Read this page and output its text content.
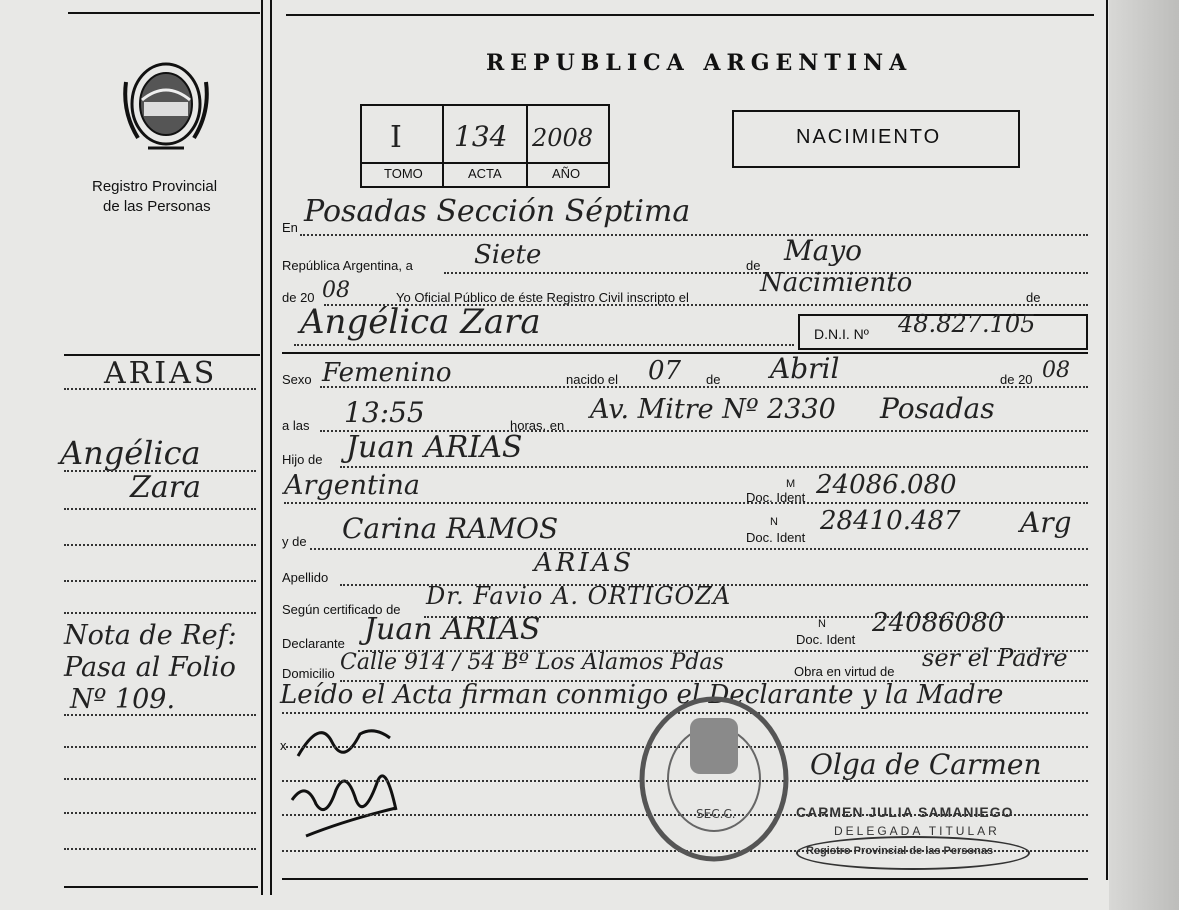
Registro Provincial
de las Personas
ARIAS
Angélica
Zara
Nota de Ref:
Pasa al Folio
Nº 109.
REPUBLICA ARGENTINA
I 134 2008
TOMO	ACTA	AÑO
NACIMIENTO
En Posadas Sección Séptima
República Argentina, a Siete	de Mayo
de 20 08	Yo Oficial Público de éste Registro Civil inscripto el	Nacimiento	de
Angélica Zara	D.N.I. Nº 48.827.105
Sexo Femenino	nacido el 07 de Abril	de 20 08
a las 13:55	horas, en
Av. Mitre Nº 2330 Posadas
Hijo de Juan ARIAS
Argentina	Doc. Ident
M 24086.080
y de Carina RAMOS	Doc. Ident
N 28410.487 Arg
Apellido	ARIAS
Según certificado de Dr. Favio A. ORTIGOZA
Declarante Juan ARIAS	Doc. Ident
N 24086080
Domicilio Calle 914 / 54 Bº Los Alamos Pdas	Obra en virtud de ser el Padre
Leído el Acta firman conmigo el Declarante y la Madre
x
SEC.C.
Olga de Carmen
CARMEN JULIA SAMANIEGO
DELEGADA TITULAR
Registro Provincial de las Personas
